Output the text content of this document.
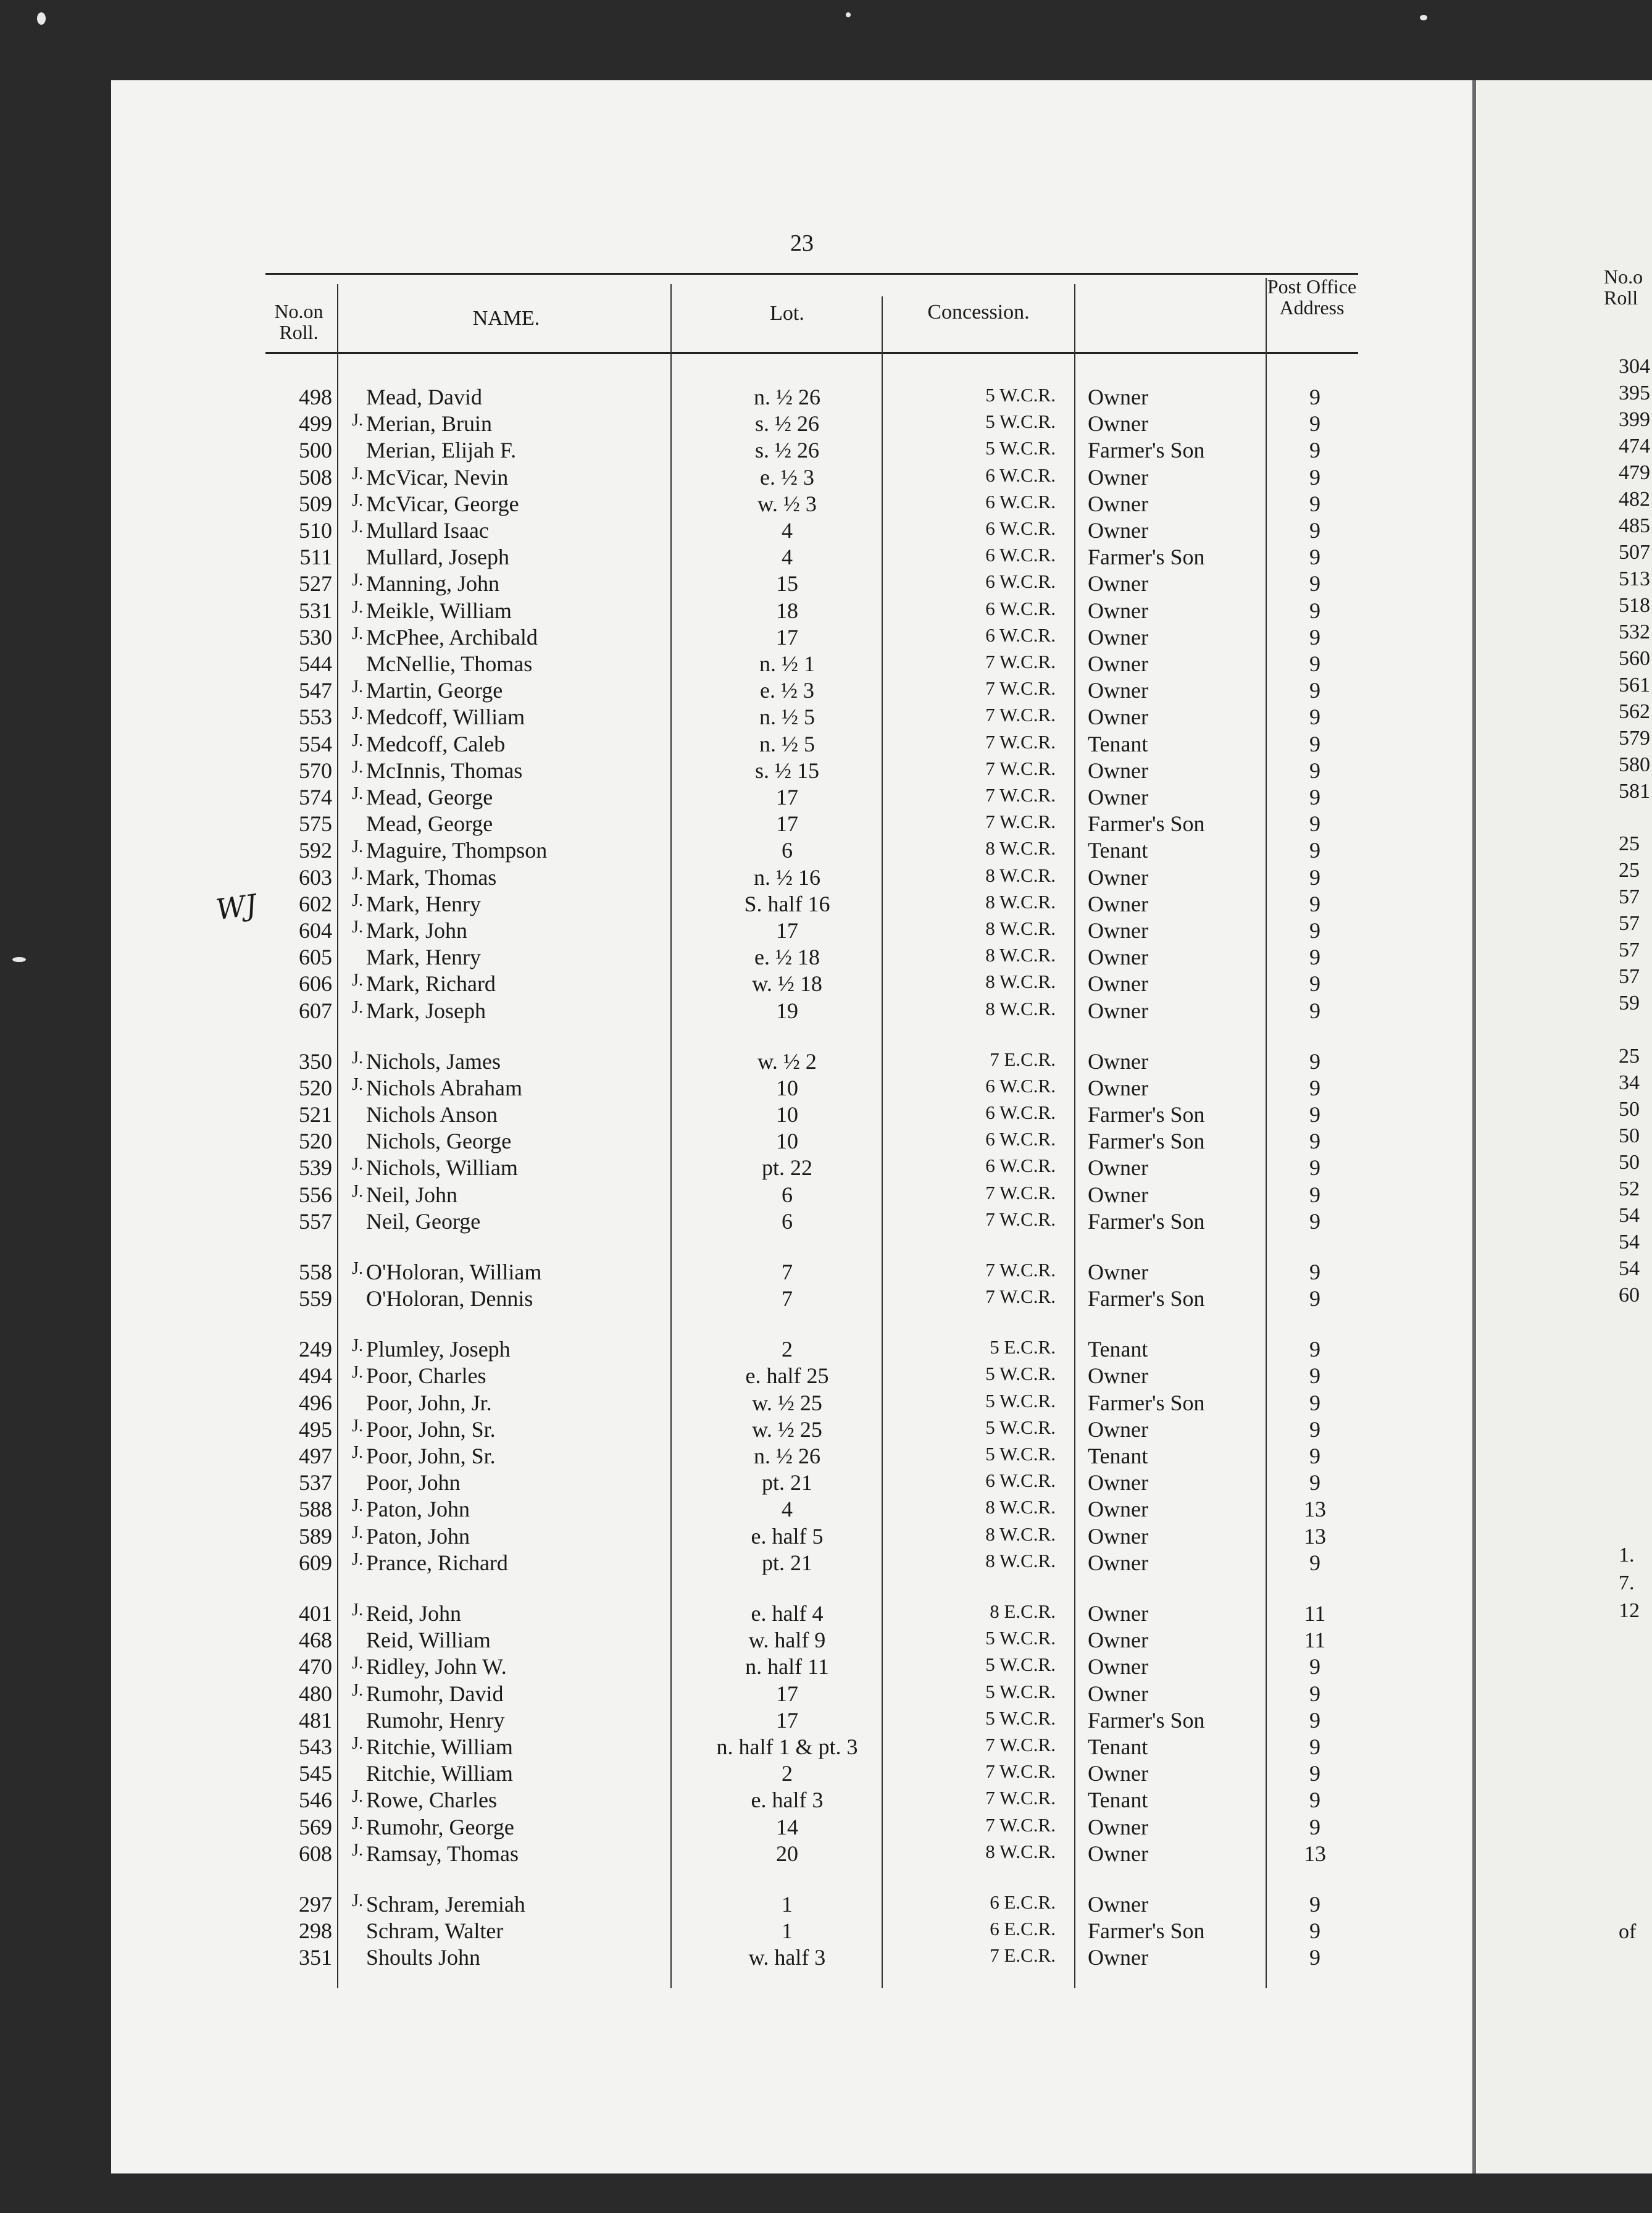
23
WJ
No.on Roll.
NAME.	Lot.	Concession.
Post Office Address
498 Mead, David	n. ½ 26	5 W.C.R. Owner	9
499	J. Merian, Bruin	s. ½ 26	5 W.C.R. Owner	9
500 Merian, Elijah F.	s. ½ 26	5 W.C.R. Farmer's Son	9
508	J. McVicar, Nevin	e. ½ 3	6 W.C.R. Owner	9
509	J. McVicar, George	w. ½ 3	6 W.C.R. Owner	9
510	J. Mullard Isaac	4	6 W.C.R. Owner	9
511 Mullard, Joseph	4	6 W.C.R. Farmer's Son	9
527	J. Manning, John	15	6 W.C.R. Owner	9
531	J. Meikle, William	18	6 W.C.R. Owner	9
530	J. McPhee, Archibald	17	6 W.C.R. Owner	9
544 McNellie, Thomas	n. ½ 1	7 W.C.R. Owner	9
547	J. Martin, George	e. ½ 3	7 W.C.R. Owner	9
553	J. Medcoff, William	n. ½ 5	7 W.C.R. Owner	9
554	J. Medcoff, Caleb	n. ½ 5	7 W.C.R. Tenant	9
570	J. McInnis, Thomas	s. ½ 15	7 W.C.R. Owner	9
574	J. Mead, George	17	7 W.C.R. Owner	9
575 Mead, George	17	7 W.C.R. Farmer's Son	9
592	J. Maguire, Thompson	6	8 W.C.R. Tenant	9
603	J. Mark, Thomas	n. ½ 16	8 W.C.R. Owner	9
602	J. Mark, Henry	S. half 16	8 W.C.R. Owner	9
604	J. Mark, John	17	8 W.C.R. Owner	9
605 Mark, Henry	e. ½ 18	8 W.C.R. Owner	9
606	J. Mark, Richard	w. ½ 18	8 W.C.R. Owner	9
607	J. Mark, Joseph	19	8 W.C.R. Owner	9
350	J. Nichols, James	w. ½ 2	7 E.C.R. Owner	9
520	J. Nichols Abraham	10	6 W.C.R. Owner	9
521 Nichols Anson	10	6 W.C.R. Farmer's Son	9
520 Nichols, George	10	6 W.C.R. Farmer's Son	9
539	J. Nichols, William	pt. 22	6 W.C.R. Owner	9
556	J. Neil, John	6	7 W.C.R. Owner	9
557 Neil, George	6	7 W.C.R. Farmer's Son	9
558	J. O'Holoran, William	7	7 W.C.R. Owner	9
559 O'Holoran, Dennis	7	7 W.C.R. Farmer's Son	9
249	J. Plumley, Joseph	2	5 E.C.R. Tenant	9
494	J. Poor, Charles	e. half 25	5 W.C.R. Owner	9
496 Poor, John, Jr.	w. ½ 25	5 W.C.R. Farmer's Son	9
495	J. Poor, John, Sr.	w. ½ 25	5 W.C.R. Owner	9
497	J. Poor, John, Sr.	n. ½ 26	5 W.C.R. Tenant	9
537 Poor, John	pt. 21	6 W.C.R. Owner	9
588	J. Paton, John	4	8 W.C.R. Owner	13
589	J. Paton, John	e. half 5	8 W.C.R. Owner	13
609	J. Prance, Richard	pt. 21	8 W.C.R. Owner	9
401	J. Reid, John	e. half 4	8 E.C.R. Owner	11
468 Reid, William	w. half 9	5 W.C.R. Owner	11
470	J. Ridley, John W.	n. half 11	5 W.C.R. Owner	9
480	J. Rumohr, David	17	5 W.C.R. Owner	9
481 Rumohr, Henry	17	5 W.C.R. Farmer's Son	9
543	J. Ritchie, William	n. half 1 & pt. 3	7 W.C.R. Tenant	9
545 Ritchie, William	2	7 W.C.R. Owner	9
546	J. Rowe, Charles	e. half 3	7 W.C.R. Tenant	9
569	J. Rumohr, George	14	7 W.C.R. Owner	9
608	J. Ramsay, Thomas	20	8 W.C.R. Owner	13
297	J. Schram, Jeremiah	1	6 E.C.R. Owner	9
298 Schram, Walter	1	6 E.C.R. Farmer's Son	9
351 Shoults John	w. half 3	7 E.C.R. Owner	9
No.o Roll
304
395
399
474
479
482
485
507
513
518
532
560
561
562
579
580
581
25
25
57
57
57
57
59
25
34
50
50
50
52
54
54
54
60
1.
7.
12
of
